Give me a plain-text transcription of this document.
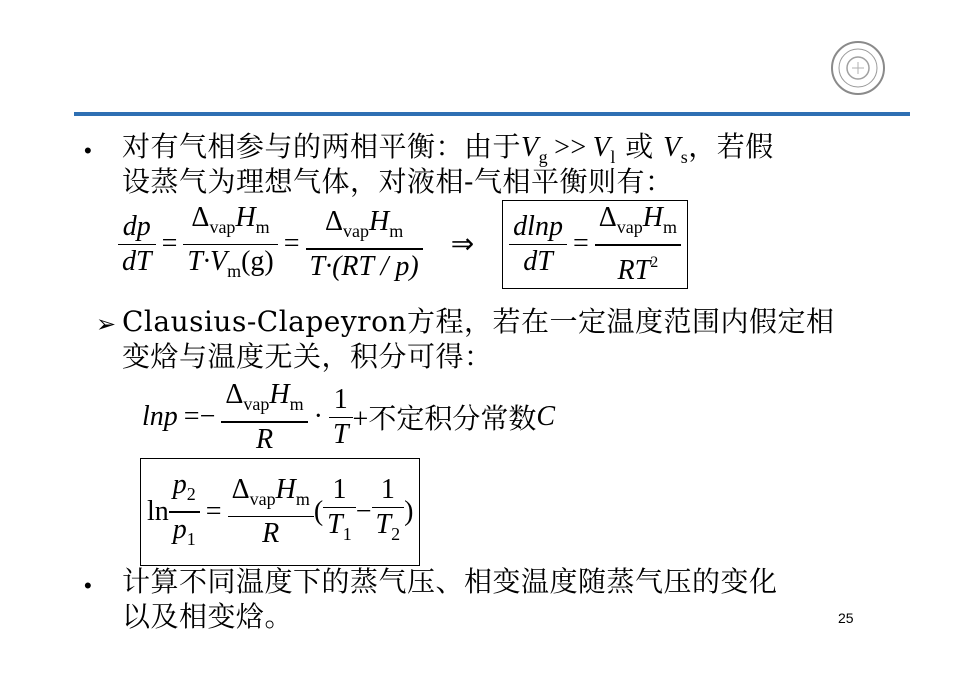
• 对有气相参与的两相平衡：由于$V_g >> V_l$ 或 $V_s$，若假
设蒸气为理想气体，对液相-气相平衡则有：
$\frac{dp}{dT} = \frac{\Delta_{vap}H_m}{T\cdot V_m(g)} = \frac{\Delta_{vap}H_m}{T\cdot(RT / p)}$	⇒	$\frac{dlnp}{dT} = \frac{\Delta_{vap}H_m}{RT^2}$
➢ Clausius-Clapeyron方程，若在一定温度范围内假定相
变焓与温度无关，积分可得：
$\ln p =- \frac{\Delta_{vap}H_m}{R} \cdot \frac{1}{T}$ +不定积分常数 C
$\ln \frac{p_2}{p_1} = \frac{\Delta_{vap}H_m}{R}$ ( $\frac{1}{T_1} - \frac{1}{T_2}$ )
• 计算不同温度下的蒸气压、相变温度随蒸气压的变化
以及相变焓。	25
